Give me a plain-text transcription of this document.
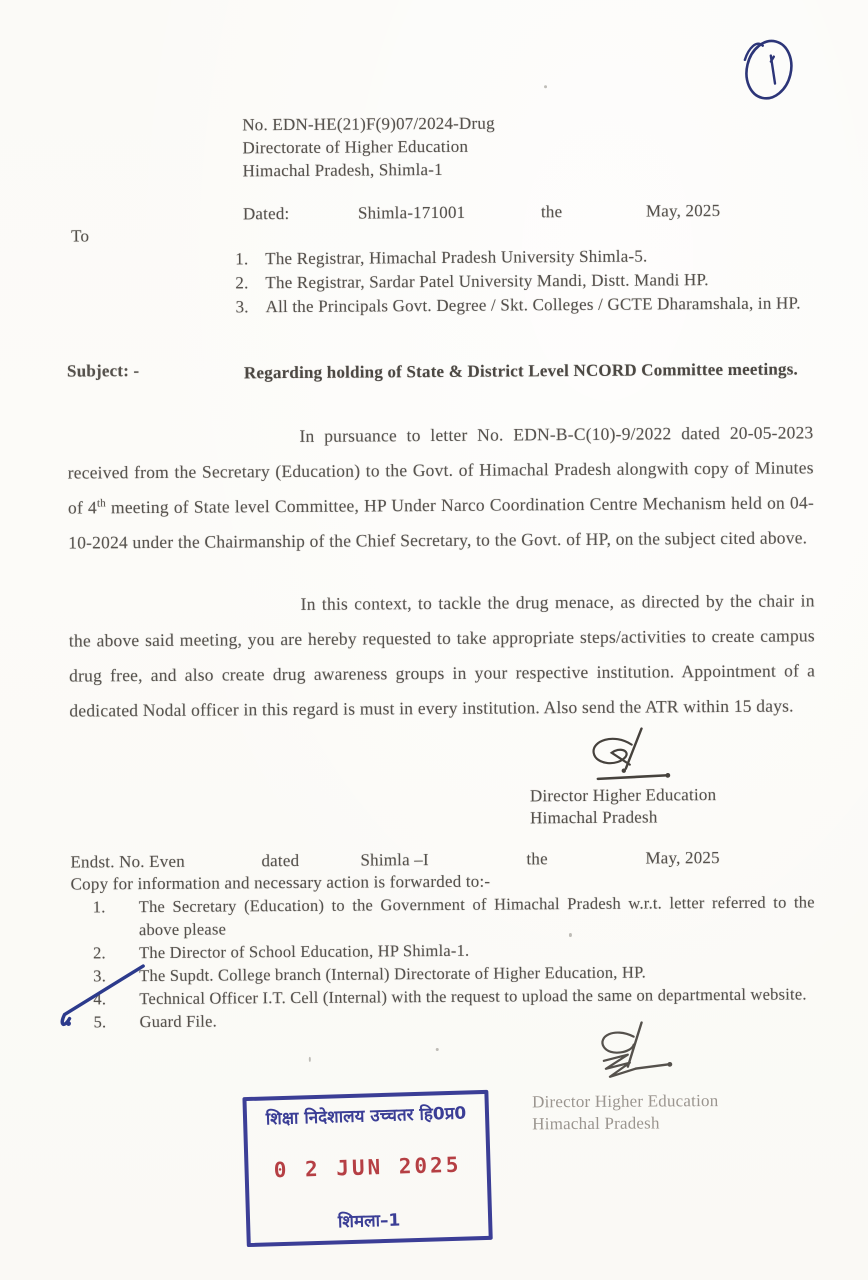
No. EDN-HE(21)F(9)07/2024-Drug
Directorate of Higher Education
Himachal Pradesh, Shimla-1
Dated:	Shimla-171001	the	May, 2025
To
1. The Registrar, Himachal Pradesh University Shimla-5.
2. The Registrar, Sardar Patel University Mandi, Distt. Mandi HP.
3. All the Principals Govt. Degree / Skt. Colleges / GCTE Dharamshala, in HP.
Subject: -	Regarding holding of State & District Level NCORD Committee meetings.
In pursuance to letter No. EDN-B-C(10)-9/2022 dated 20-05-2023 received from the Secretary (Education) to the Govt. of Himachal Pradesh alongwith copy of Minutes of 4th meeting of State level Committee, HP Under Narco Coordination Centre Mechanism held on 04-10-2024 under the Chairmanship of the Chief Secretary, to the Govt. of HP, on the subject cited above.
In this context, to tackle the drug menace, as directed by the chair in the above said meeting, you are hereby requested to take appropriate steps/activities to create campus drug free, and also create drug awareness groups in your respective institution. Appointment of a dedicated Nodal officer in this regard is must in every institution. Also send the ATR within 15 days.
Director Higher Education
Himachal Pradesh
Endst. No. Even	dated	Shimla –I	the	May, 2025
Copy for information and necessary action is forwarded to:-
1.	The Secretary (Education) to the Government of Himachal Pradesh w.r.t. letter referred to the above please
2.	The Director of School Education, HP Shimla-1.
3.	The Supdt. College branch (Internal) Directorate of Higher Education, HP.
4.	Technical Officer I.T. Cell (Internal) with the request to upload the same on departmental website.
5.	Guard File.
Director Higher Education
Himachal Pradesh
शिक्षा निदेशालय उच्चतर हि0प्र0
0 2 JUN 2025
शिमला–1
